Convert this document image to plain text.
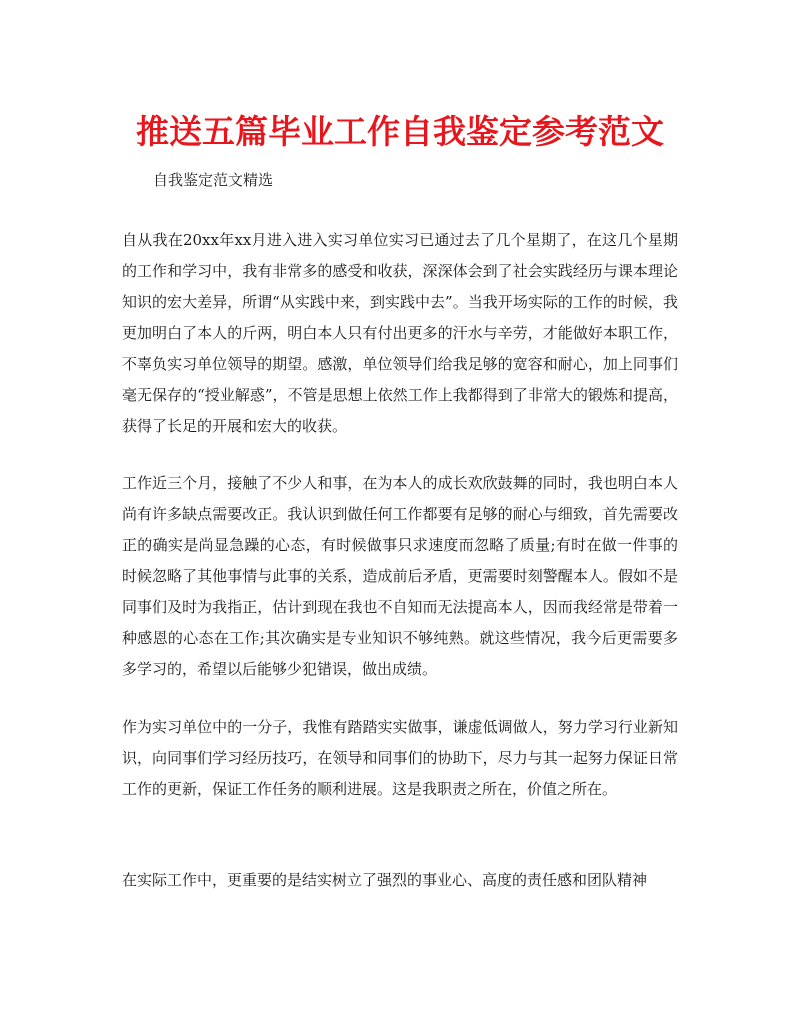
推送五篇毕业工作自我鉴定参考范文

自我鉴定范文精选

自从我在20xx年xx月进入进入实习单位实习已通过去了几个星期了，在这几个星期的工作和学习中，我有非常多的感受和收获，深深体会到了社会实践经历与课本理论知识的宏大差异，所谓“从实践中来，到实践中去”。当我开场实际的工作的时候，我更加明白了本人的斤两，明白本人只有付出更多的汗水与辛劳，才能做好本职工作，不辜负实习单位领导的期望。感激，单位领导们给我足够的宽容和耐心，加上同事们毫无保存的“授业解惑”，不管是思想上依然工作上我都得到了非常大的锻炼和提高，获得了长足的开展和宏大的收获。

工作近三个月，接触了不少人和事，在为本人的成长欢欣鼓舞的同时，我也明白本人尚有许多缺点需要改正。我认识到做任何工作都要有足够的耐心与细致，首先需要改正的确实是尚显急躁的心态，有时候做事只求速度而忽略了质量;有时在做一件事的时候忽略了其他事情与此事的关系，造成前后矛盾，更需要时刻警醒本人。假如不是同事们及时为我指正，估计到现在我也不自知而无法提高本人，因而我经常是带着一种感恩的心态在工作;其次确实是专业知识不够纯熟。就这些情况，我今后更需要多多学习的，希望以后能够少犯错误，做出成绩。

作为实习单位中的一分子，我惟有踏踏实实做事，谦虚低调做人，努力学习行业新知识，向同事们学习经历技巧，在领导和同事们的协助下，尽力与其一起努力保证日常工作的更新，保证工作任务的顺利进展。这是我职责之所在，价值之所在。

在实际工作中，更重要的是结实树立了强烈的事业心、高度的责任感和团队精神
